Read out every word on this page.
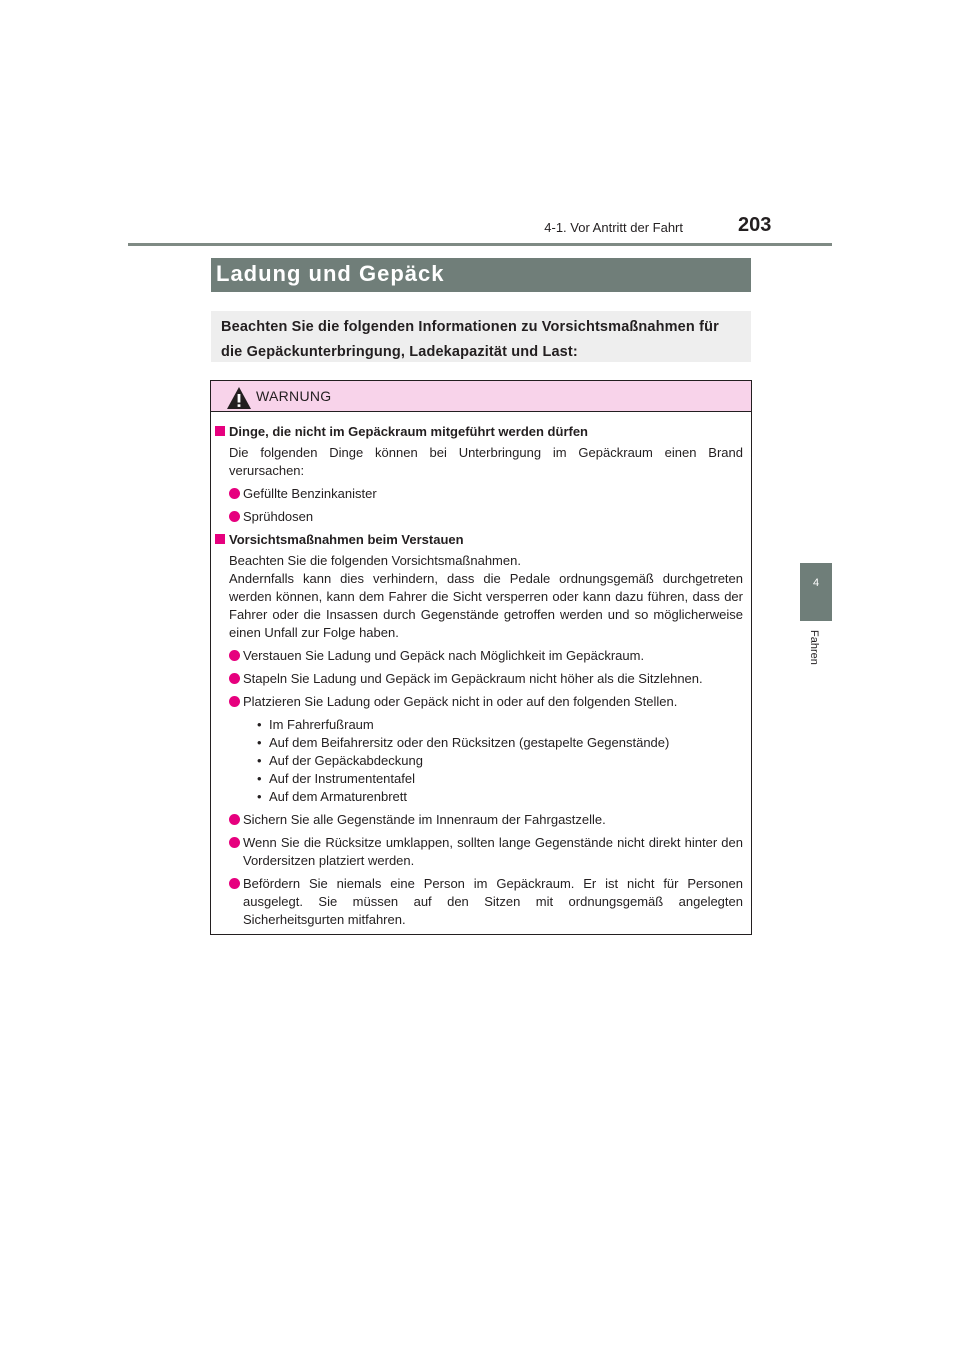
203
4-1. Vor Antritt der Fahrt
4
Fahren
Ladung und Gepäck

Beachten Sie die folgenden Informationen zu Vorsichtsmaßnahmen für die Gepäckunterbringung, Ladekapazität und Last:

WARNUNG
Dinge, die nicht im Gepäckraum mitgeführt werden dürfen
Die folgenden Dinge können bei Unterbringung im Gepäckraum einen Brand verursachen:
Gefüllte Benzinkanister
Sprühdosen
Vorsichtsmaßnahmen beim Verstauen
Beachten Sie die folgenden Vorsichtsmaßnahmen.
Andernfalls kann dies verhindern, dass die Pedale ordnungsgemäß durchgetreten werden können, kann dem Fahrer die Sicht versperren oder kann dazu führen, dass der Fahrer oder die Insassen durch Gegenstände getroffen werden und so möglicherweise einen Unfall zur Folge haben.
Verstauen Sie Ladung und Gepäck nach Möglichkeit im Gepäckraum.
Stapeln Sie Ladung und Gepäck im Gepäckraum nicht höher als die Sitzlehnen.
Platzieren Sie Ladung oder Gepäck nicht in oder auf den folgenden Stellen.
• Im Fahrerfußraum
• Auf dem Beifahrersitz oder den Rücksitzen (gestapelte Gegenstände)
• Auf der Gepäckabdeckung
• Auf der Instrumententafel
• Auf dem Armaturenbrett
Sichern Sie alle Gegenstände im Innenraum der Fahrgastzelle.
Wenn Sie die Rücksitze umklappen, sollten lange Gegenstände nicht direkt hinter den Vordersitzen platziert werden.
Befördern Sie niemals eine Person im Gepäckraum. Er ist nicht für Personen ausgelegt. Sie müssen auf den Sitzen mit ordnungsgemäß angelegten Sicherheitsgurten mitfahren.
